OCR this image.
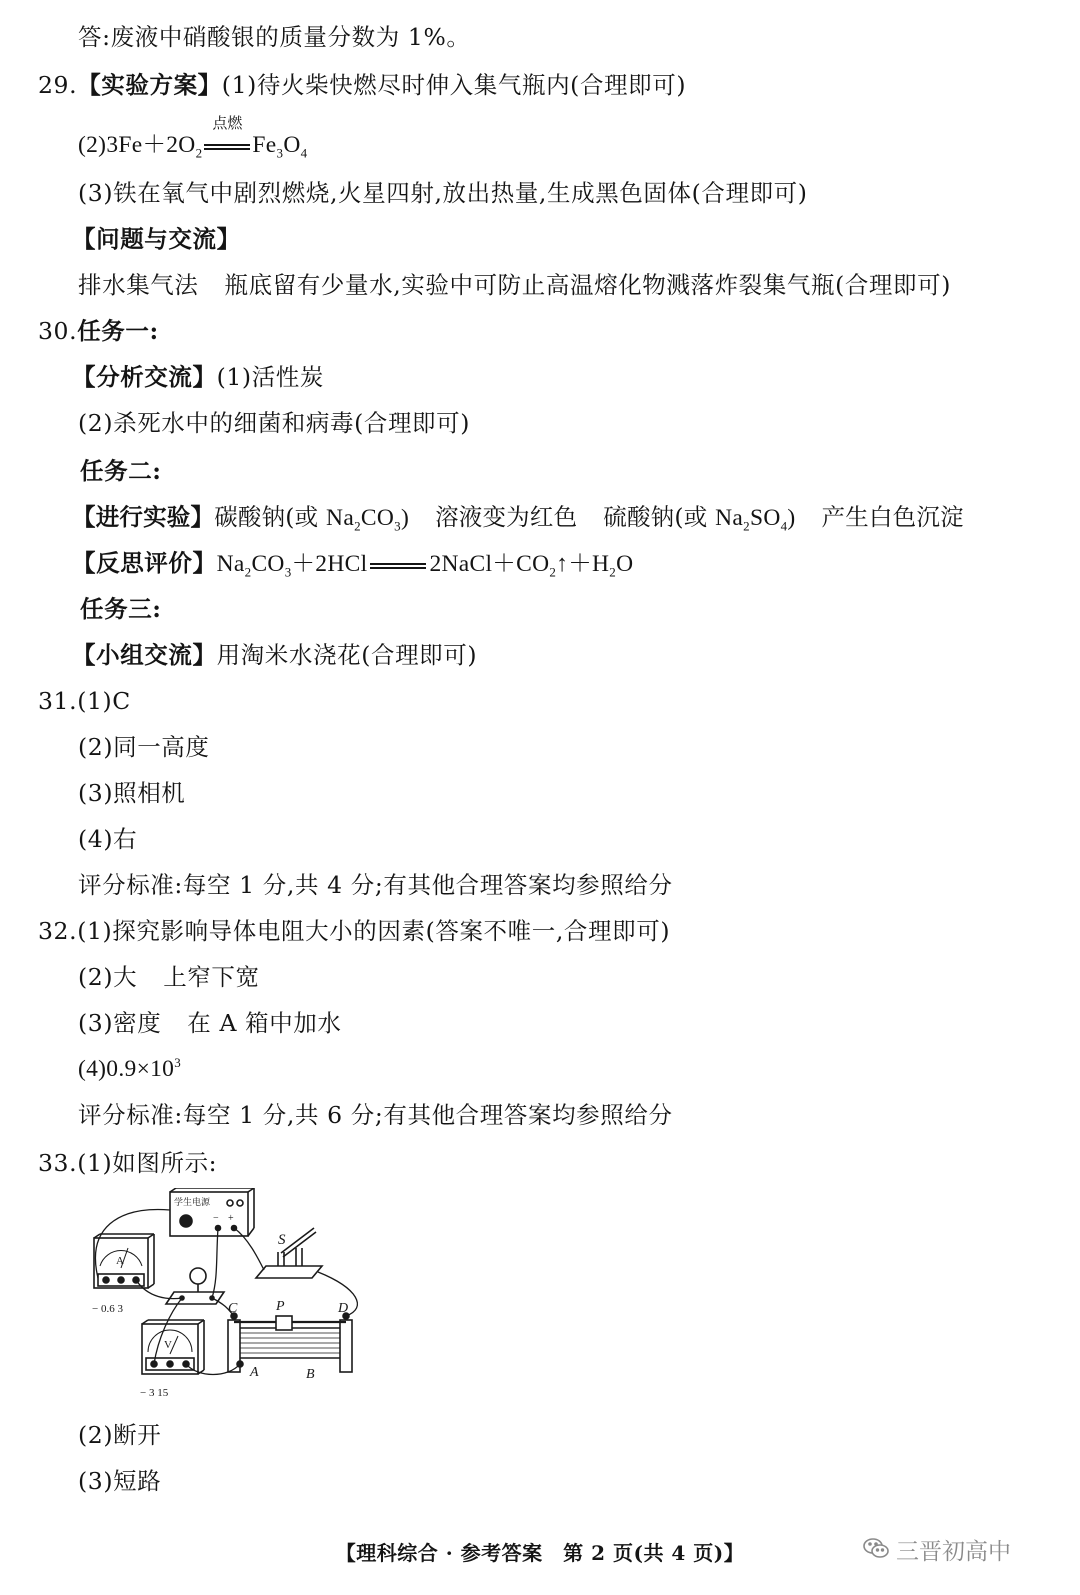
答:废液中硝酸银的质量分数为 1%。
29.【实验方案】(1)待火柴快燃尽时伸入集气瓶内(合理即可)
$(2)3Fe+2O_2$
点燃
$Fe_3O_4$
(3)铁在氧气中剧烈燃烧,火星四射,放出热量,生成黑色固体(合理即可)
【问题与交流】
排水集气法 瓶底留有少量水,实验中可防止高温熔化物溅落炸裂集气瓶(合理即可)
30.任务一:
【分析交流】(1)活性炭
(2)杀死水中的细菌和病毒(合理即可)
任务二:
【进行实验】碳酸钠(或 $Na_2CO_3$) 溶液变为红色 硫酸钠(或 $Na_2SO_4$) 产生白色沉淀
【反思评价】$Na_2CO_3+2HCl$	$2NaCl+CO_2↑+H_2O$
任务三:
【小组交流】用淘米水浇花(合理即可)
31.(1)C
(2)同一高度
(3)照相机
(4)右
评分标准:每空 1 分,共 4 分;有其他合理答案均参照给分
32.(1)探究影响导体电阻大小的因素(答案不唯一,合理即可)
(2)大 上窄下宽
(3)密度 在 A 箱中加水
$(4)0.9\times 10^3$
评分标准:每空 1 分,共 6 分;有其他合理答案均参照给分
33.(1)如图所示:
学生电源
− +
S
A
− 0.6 3
V
− 3 15
C	P	D
A	B
(2)断开
(3)短路
【理科综合 · 参考答案　第 2 页(共 4 页)】	三晋初高中
